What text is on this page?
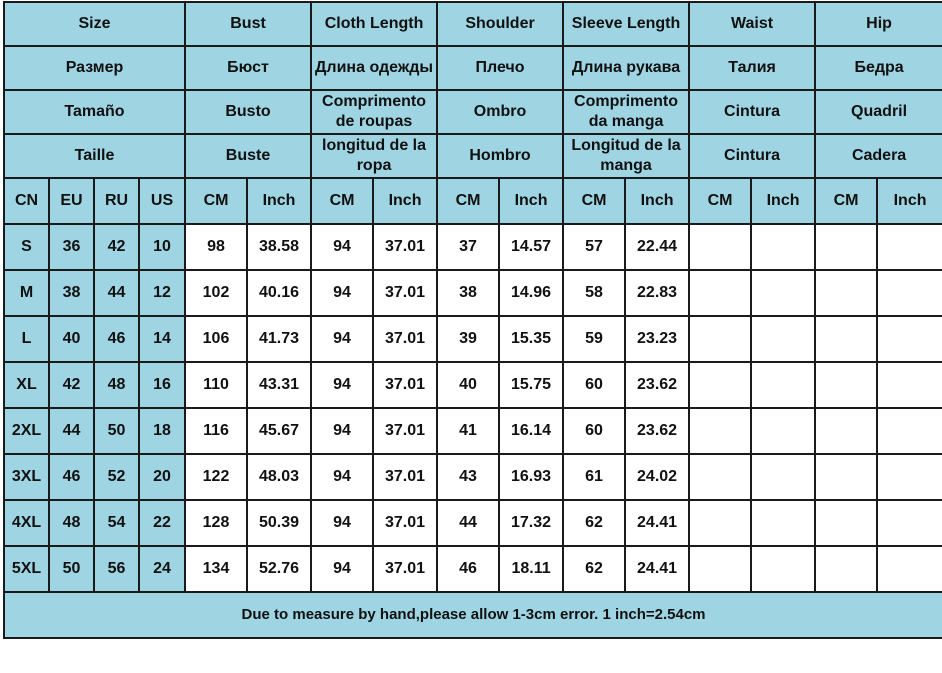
Size				Bust		Cloth Length		Shoulder		Sleeve Length		Waist		Hip	
Размер				Бюст		Длина одежды		Плечо		Длина рукава		Талия		Бедра	
Tamaño				Busto		Comprimento de roupas		Ombro		Comprimento da manga		Cintura		Quadril	
Taille				Buste		longitud de la ropa		Hombro		Longitud de la manga		Cintura		Cadera	
CN	EU	RU	US	CM	Inch	CM	Inch	CM	Inch	CM	Inch	CM	Inch	CM	Inch
S	36	42	10	98	38.58	94	37.01	37	14.57	57	22.44				
M	38	44	12	102	40.16	94	37.01	38	14.96	58	22.83				
L	40	46	14	106	41.73	94	37.01	39	15.35	59	23.23				
XL	42	48	16	110	43.31	94	37.01	40	15.75	60	23.62				
2XL	44	50	18	116	45.67	94	37.01	41	16.14	60	23.62				
3XL	46	52	20	122	48.03	94	37.01	43	16.93	61	24.02				
4XL	48	54	22	128	50.39	94	37.01	44	17.32	62	24.41				
5XL	50	56	24	134	52.76	94	37.01	46	18.11	62	24.41				
Due to measure by hand,please allow 1-3cm error. 1 inch=2.54cm															
